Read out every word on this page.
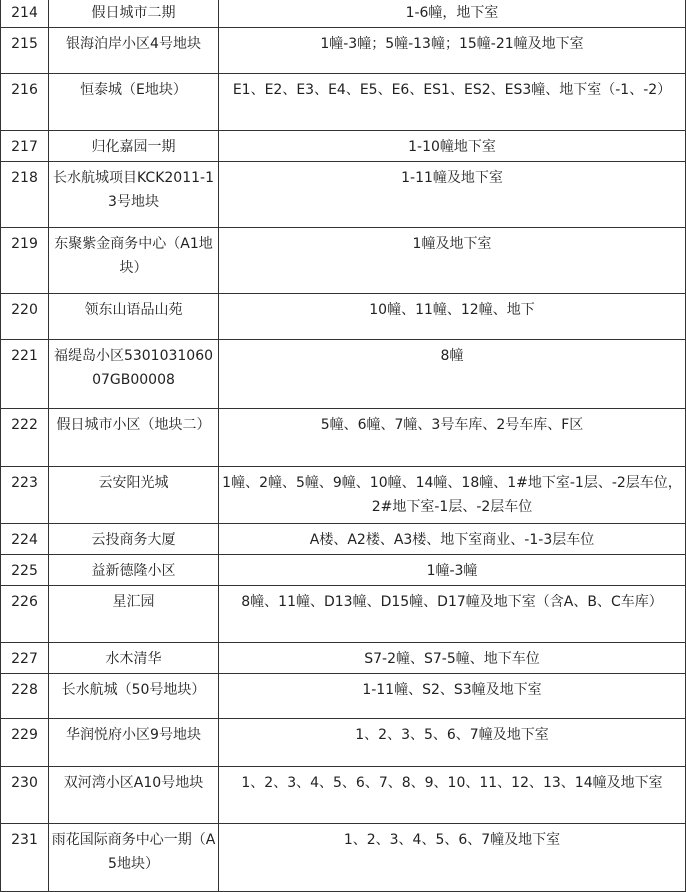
214	假日城市二期	1-6幢，地下室
215	银海泊岸小区4号地块	1幢-3幢；5幢-13幢；15幢-21幢及地下室
216	恒泰城（E地块）	E1、E2、E3、E4、E5、E6、ES1、ES2、ES3幢、地下室（-1、-2）
217	归化嘉园一期	1-10幢地下室
218	长水航城项目KCK2011-13号地块	1-11幢及地下室
219	东聚紫金商务中心（A1地块）	1幢及地下室
220	领东山语品山苑	10幢、11幢、12幢、地下
221	福缇岛小区530103106007GB00008	8幢
222	假日城市小区（地块二）	5幢、6幢、7幢、3号车库、2号车库、F区
223	云安阳光城	1幢、2幢、5幢、9幢、10幢、14幢、18幢、1#地下室-1层、-2层车位，2#地下室-1层、-2层车位
224	云投商务大厦	A楼、A2楼、A3楼、地下室商业、-1-3层车位
225	益新德隆小区	1幢-3幢
226	星汇园	8幢、11幢、D13幢、D15幢、D17幢及地下室（含A、B、C车库）
227	水木清华	S7-2幢、S7-5幢、地下车位
228	长水航城（50号地块）	1-11幢、S2、S3幢及地下室
229	华润悦府小区9号地块	1、2、3、5、6、7幢及地下室
230	双河湾小区A10号地块	1、2、3、4、5、6、7、8、9、10、11、12、13、14幢及地下室
231	雨花国际商务中心一期（A5地块）	1、2、3、4、5、6、7幢及地下室
